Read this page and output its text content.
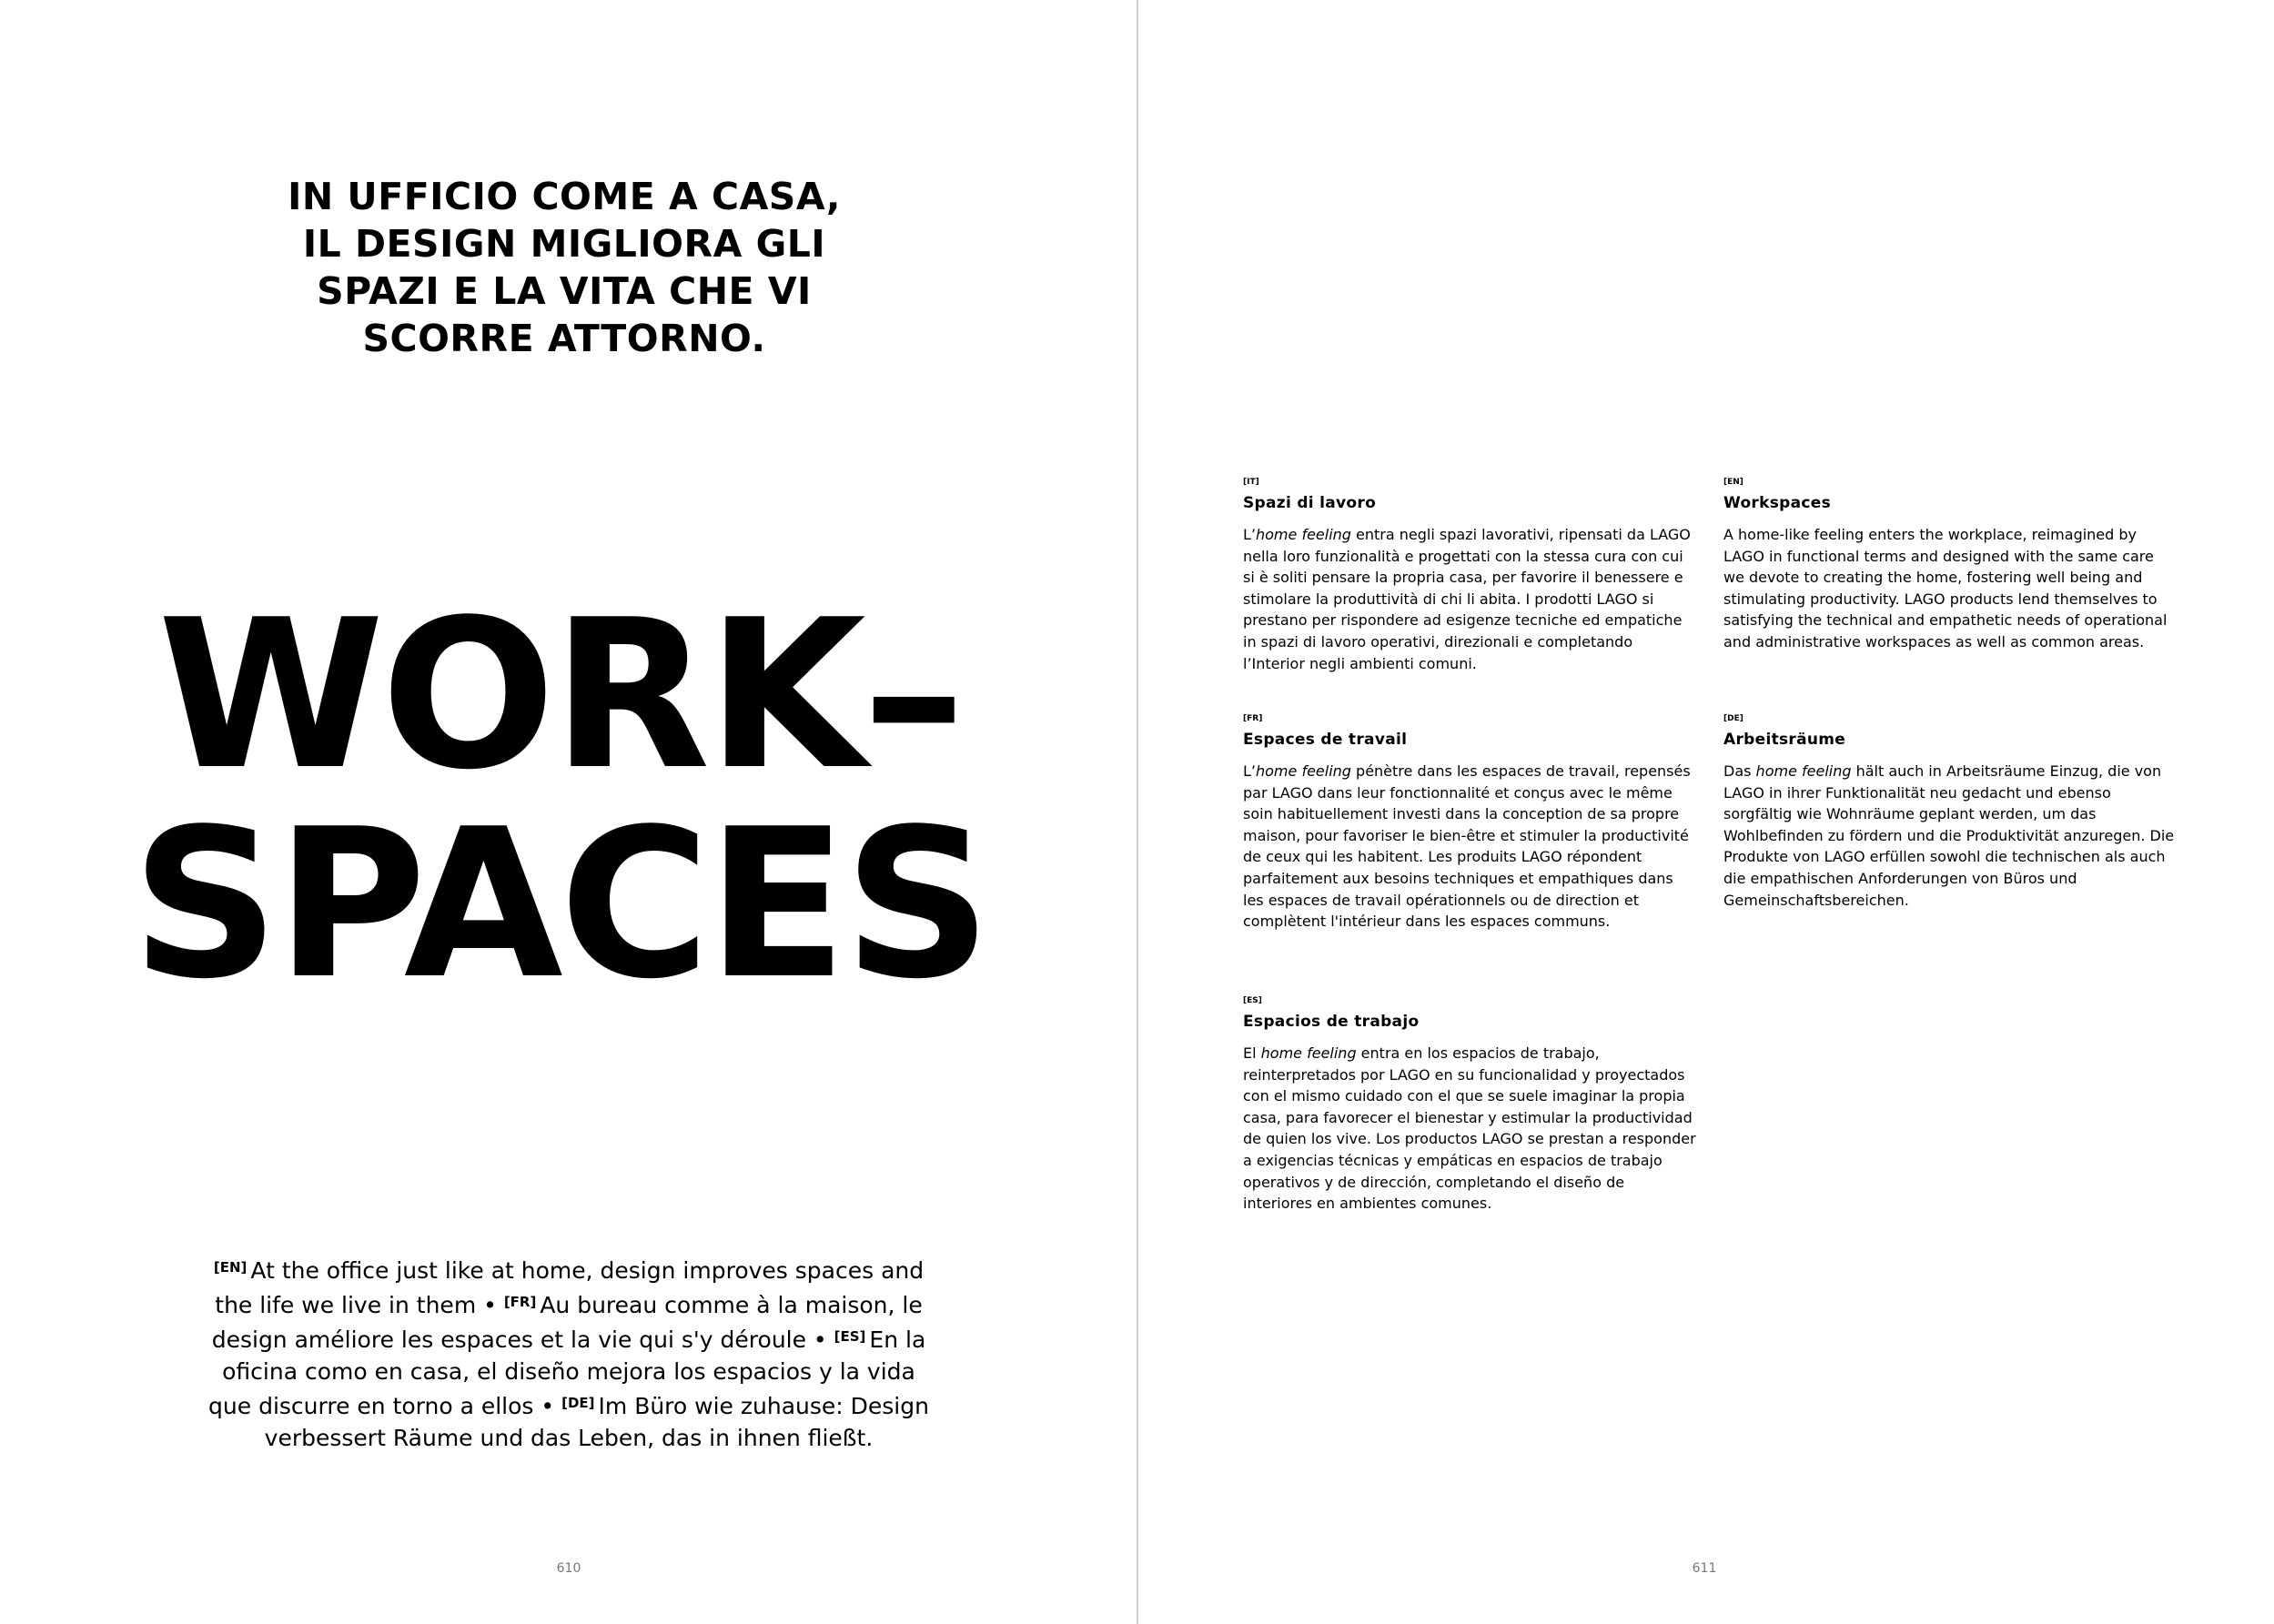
IN UFFICIO COME A CASA,
IL DESIGN MIGLIORA GLI
SPAZI E LA VITA CHE VI
SCORRE ATTORNO.
WORK–
SPACES

[EN] At the office just like at home, design improves spaces and the life we live in them • [FR] Au bureau comme à la maison, le design améliore les espaces et la vie qui s'y déroule • [ES] En la oficina como en casa, el diseño mejora los espacios y la vida que discurre en torno a ellos • [DE] Im Büro wie zuhause: Design verbessert Räume und das Leben, das in ihnen fließt.

610	611
[IT]
Spazi di lavoro

L’home feeling entra negli spazi lavorativi, ripensati da LAGO nella loro funzionalità e progettati con la stessa cura con cui si è soliti pensare la propria casa, per favorire il benessere e stimolare la produttività di chi li abita. I prodotti LAGO si prestano per rispondere ad esigenze tecniche ed empatiche in spazi di lavoro operativi, direzionali e completando l’Interior negli ambienti comuni.

[FR]
Espaces de travail

L’home feeling pénètre dans les espaces de travail, repensés par LAGO dans leur fonctionnalité et conçus avec le même soin habituellement investi dans la conception de sa propre maison, pour favoriser le bien-être et stimuler la productivité de ceux qui les habitent. Les produits LAGO répondent parfaitement aux besoins techniques et empathiques dans les espaces de travail opérationnels ou de direction et complètent l'intérieur dans les espaces communs.

[ES]
Espacios de trabajo

El home feeling entra en los espacios de trabajo, reinterpretados por LAGO en su funcionalidad y proyectados con el mismo cuidado con el que se suele imaginar la propia casa, para favorecer el bienestar y estimular la productividad de quien los vive. Los productos LAGO se prestan a responder a exigencias técnicas y empáticas en espacios de trabajo operativos y de dirección, completando el diseño de interiores en ambientes comunes.

[EN]
Workspaces

A home-like feeling enters the workplace, reimagined by LAGO in functional terms and designed with the same care we devote to creating the home, fostering well being and stimulating productivity. LAGO products lend themselves to satisfying the technical and empathetic needs of operational and administrative workspaces as well as common areas.

[DE]
Arbeitsräume

Das home feeling hält auch in Arbeitsräume Einzug, die von LAGO in ihrer Funktionalität neu gedacht und ebenso sorgfältig wie Wohnräume geplant werden, um das Wohlbefinden zu fördern und die Produktivität anzuregen. Die Produkte von LAGO erfüllen sowohl die technischen als auch die empathischen Anforderungen von Büros und Gemeinschaftsbereichen.
